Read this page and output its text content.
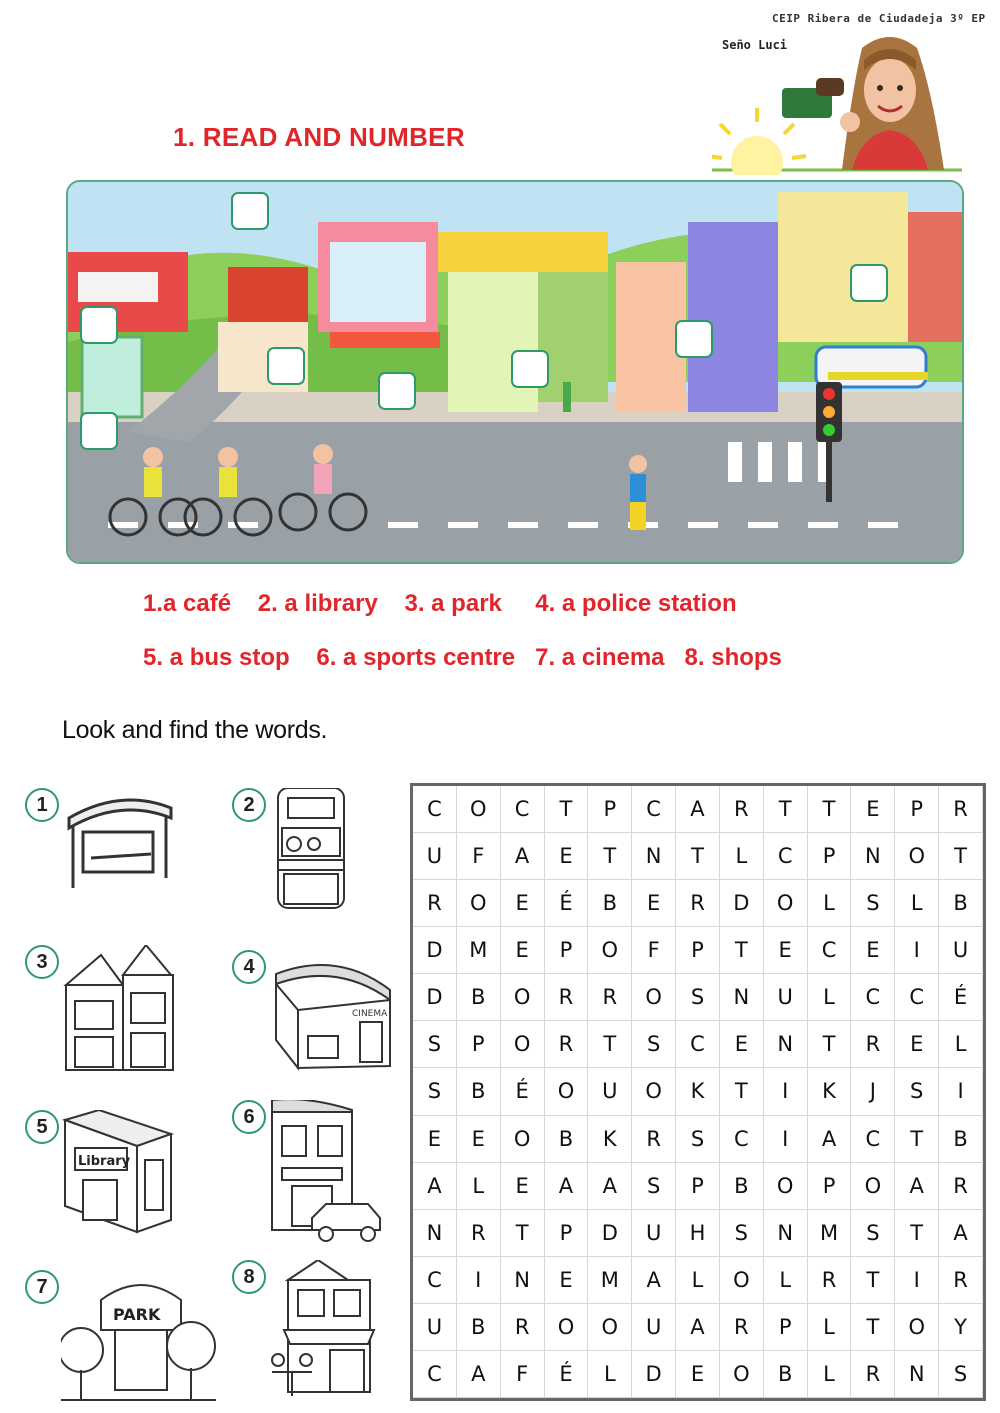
CEIP Ribera de Ciudadeja 3º EP
Seño Luci
1. READ AND NUMBER
1.a café    2. a library    3. a park     4. a police station
5. a bus stop    6. a sports centre   7. a cinema   8. shops
Look and find the words.
1	2
3	4
CINEMA
5
Library
6
7
PARK
8
C	O	C	T	P	C	A	R	T	T	E	P	R
U	F	A	E	T	N	T	L	C	P	N	O	T
R	O	E	É	B	E	R	D	O	L	S	L	B
D	M	E	P	O	F	P	T	E	C	E	I	U
D	B	O	R	R	O	S	N	U	L	C	C	É
S	P	O	R	T	S	C	E	N	T	R	E	L
S	B	É	O	U	O	K	T	I	K	J	S	I
E	E	O	B	K	R	S	C	I	A	C	T	B
A	L	E	A	A	S	P	B	O	P	O	A	R
N	R	T	P	D	U	H	S	N	M	S	T	A
C	I	N	E	M	A	L	O	L	R	T	I	R
U	B	R	O	O	U	A	R	P	L	T	O	Y
C	A	F	É	L	D	E	O	B	L	R	N	S
